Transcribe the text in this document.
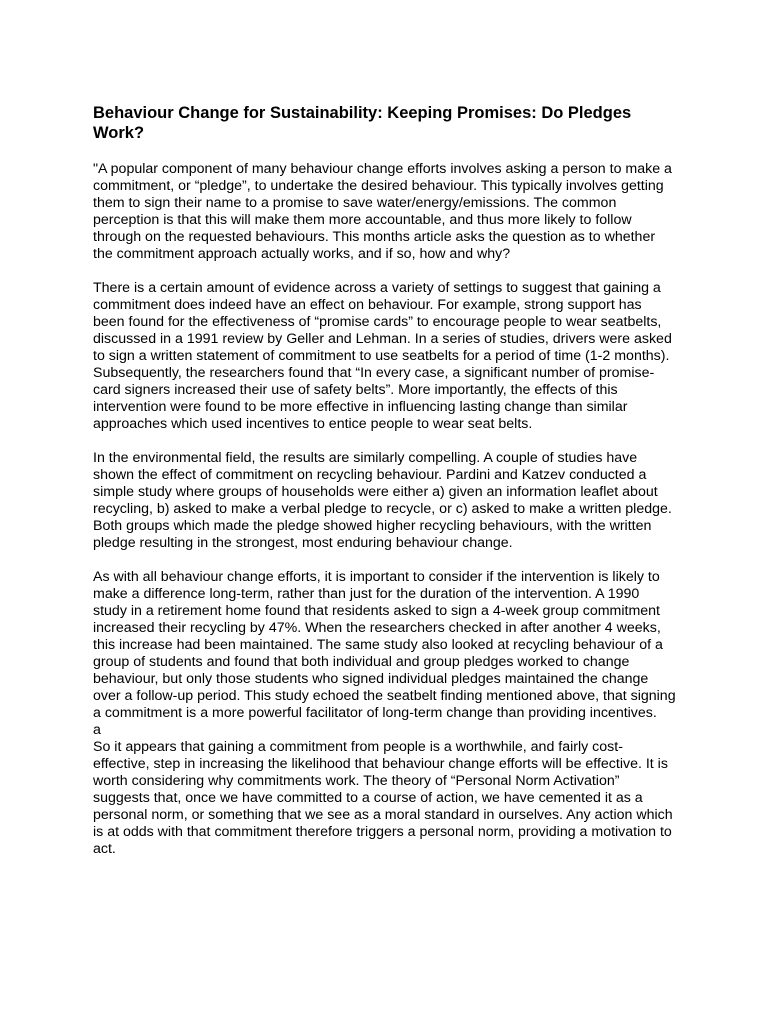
Behaviour Change for Sustainability: Keeping Promises: Do Pledges Work?

"A popular component of many behaviour change efforts involves asking a person to make a commitment, or “pledge”, to undertake the desired behaviour. This typically involves getting them to sign their name to a promise to save water/energy/emissions. The common perception is that this will make them more accountable, and thus more likely to follow through on the requested behaviours. This months article asks the question as to whether the commitment approach actually works, and if so, how and why?

There is a certain amount of evidence across a variety of settings to suggest that gaining a commitment does indeed have an effect on behaviour. For example, strong support has been found for the effectiveness of “promise cards” to encourage people to wear seatbelts, discussed in a 1991 review by Geller and Lehman. In a series of studies, drivers were asked to sign a written statement of commitment to use seatbelts for a period of time (1-2 months). Subsequently, the researchers found that “In every case, a significant number of promise-card signers increased their use of safety belts”. More importantly, the effects of this intervention were found to be more effective in influencing lasting change than similar approaches which used incentives to entice people to wear seat belts.

In the environmental field, the results are similarly compelling. A couple of studies have shown the effect of commitment on recycling behaviour. Pardini and Katzev conducted a simple study where groups of households were either a) given an information leaflet about recycling, b) asked to make a verbal pledge to recycle, or c) asked to make a written pledge. Both groups which made the pledge showed higher recycling behaviours, with the written pledge resulting in the strongest, most enduring behaviour change.

As with all behaviour change efforts, it is important to consider if the intervention is likely to make a difference long-term, rather than just for the duration of the intervention. A 1990 study in a retirement home found that residents asked to sign a 4-week group commitment increased their recycling by 47%. When the researchers checked in after another 4 weeks, this increase had been maintained. The same study also looked at recycling behaviour of a group of students and found that both individual and group pledges worked to change behaviour, but only those students who signed individual pledges maintained the change over a follow-up period. This study echoed the seatbelt finding mentioned above, that signing a commitment is a more powerful facilitator of long-term change than providing incentives.

a

So it appears that gaining a commitment from people is a worthwhile, and fairly cost-effective, step in increasing the likelihood that behaviour change efforts will be effective. It is worth considering why commitments work. The theory of “Personal Norm Activation” suggests that, once we have committed to a course of action, we have cemented it as a personal norm, or something that we see as a moral standard in ourselves. Any action which is at odds with that commitment therefore triggers a personal norm, providing a motivation to act.
